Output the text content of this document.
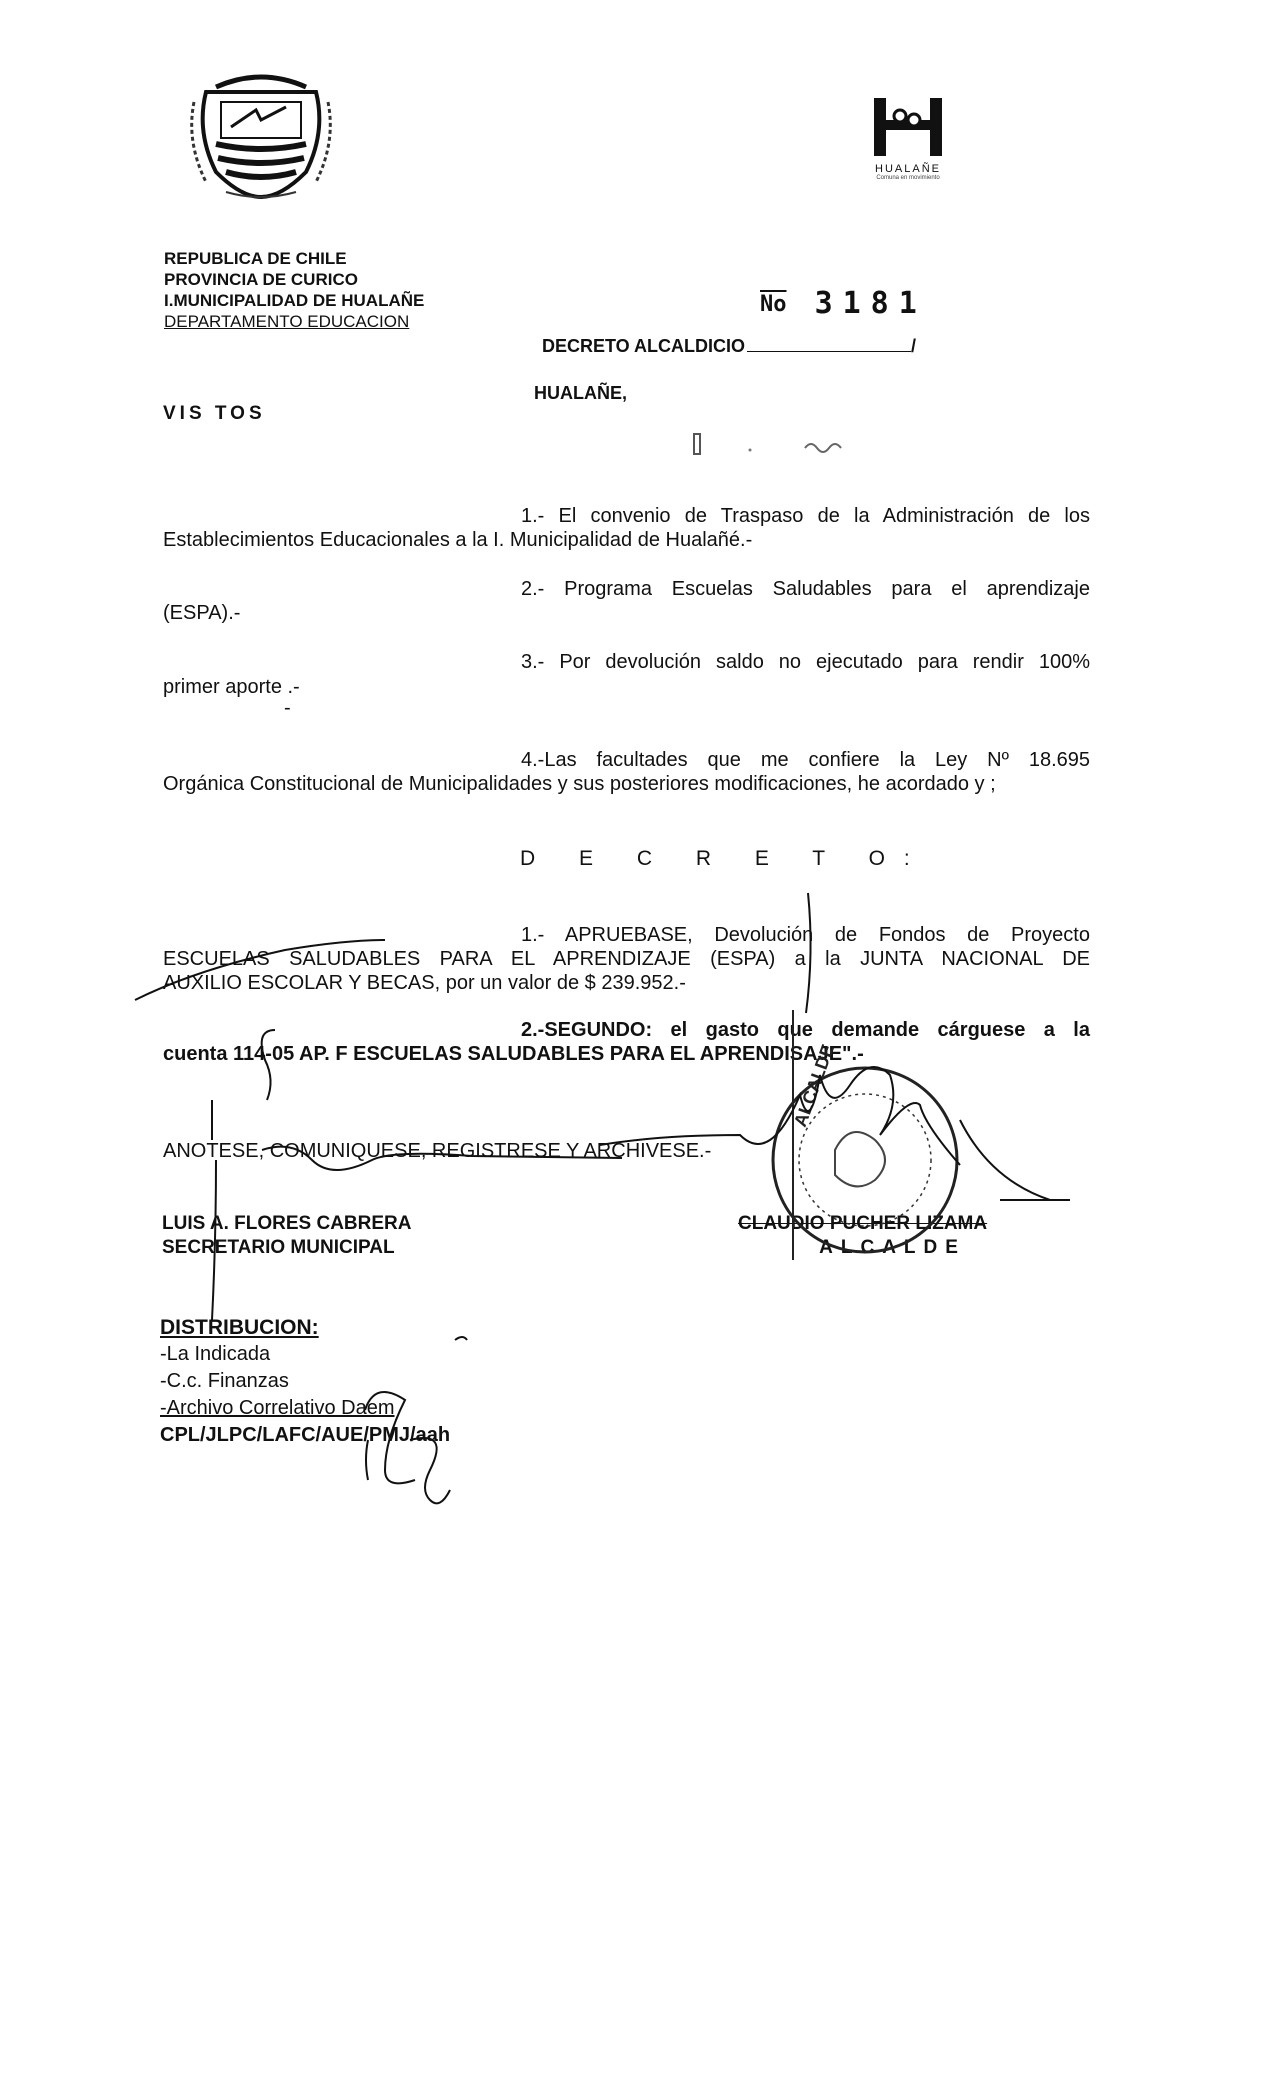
HUALAÑE
Comuna en movimiento
REPUBLICA DE CHILE
PROVINCIA DE CURICO
I.MUNICIPALIDAD DE HUALAÑE
DEPARTAMENTO EDUCACION
$\overline{No}$ 3181
DECRETO ALCALDICIO	/
HUALAÑE,
VIS TOS
1.- El convenio de Traspaso de la Administración de los
Establecimientos Educacionales a la I. Municipalidad de Hualañé.-
2.- Programa Escuelas Saludables para el aprendizaje
(ESPA).-
3.- Por devolución saldo no ejecutado para rendir 100%
primer aporte .-
-
4.-Las facultades que me confiere la Ley Nº 18.695
Orgánica Constitucional de Municipalidades y sus posteriores modificaciones, he acordado y ;
D E C R E T O:
1.- APRUEBASE, Devolución de Fondos de Proyecto
ESCUELAS SALUDABLES PARA EL APRENDIZAJE (ESPA) a la JUNTA NACIONAL DE
AUXILIO ESCOLAR Y BECAS, por un valor de $ 239.952.-
2.-SEGUNDO: el gasto que demande cárguese a la
cuenta 114-05 AP. F ESCUELAS SALUDABLES PARA EL APRENDISAJE".-
ANOTESE, COMUNIQUESE, REGISTRESE Y ARCHIVESE.-
LUIS A. FLORES CABRERA
SECRETARIO MUNICIPAL
CLAUDIO PUCHER LIZAMA
ALCALDE
ALCALDE
DISTRIBUCION:
-La Indicada
-C.c. Finanzas
-Archivo Correlativo Daem
CPL/JLPC/LAFC/AUE/PMJ/aah
